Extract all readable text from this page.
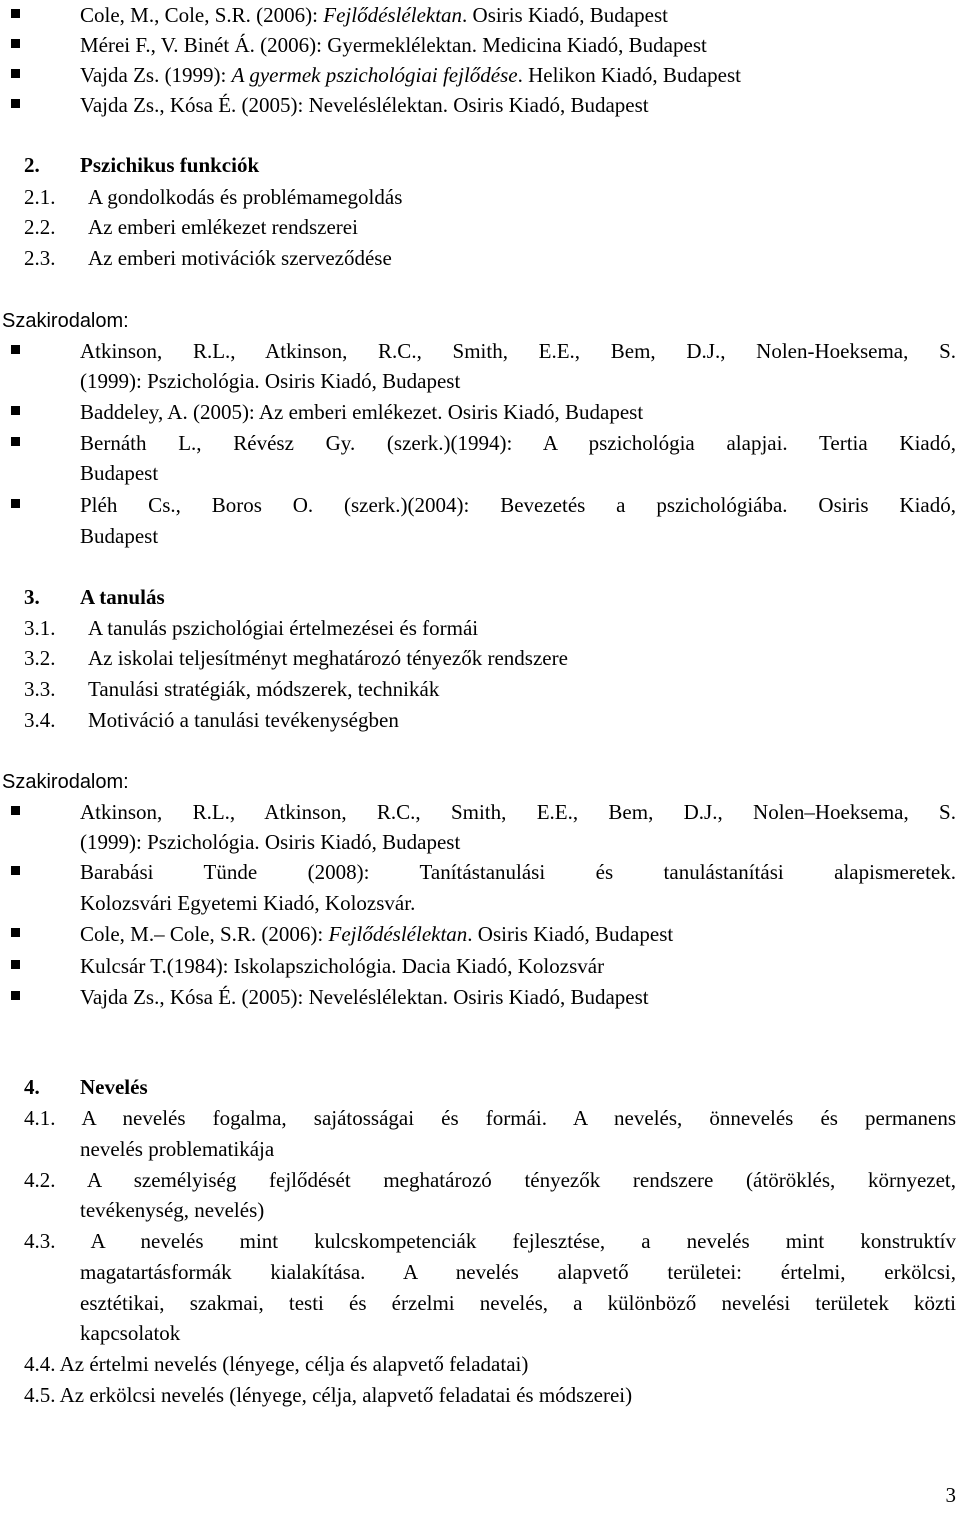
Cole, M., Cole, S.R. (2006): Fejlődéslélektan. Osiris Kiadó, Budapest
Mérei F., V. Binét Á. (2006): Gyermeklélektan. Medicina Kiadó, Budapest
Vajda Zs. (1999): A gyermek pszichológiai fejlődése. Helikon Kiadó, Budapest
Vajda Zs., Kósa É. (2005): Neveléslélektan. Osiris Kiadó, Budapest
2. Pszichikus funkciók
2.1. A gondolkodás és problémamegoldás
2.2. Az emberi emlékezet rendszerei
2.3. Az emberi motivációk szerveződése
Szakirodalom:
Atkinson, R.L., Atkinson, R.C., Smith, E.E., Bem, D.J., Nolen-Hoeksema, S.
(1999): Pszichológia. Osiris Kiadó, Budapest
Baddeley, A. (2005): Az emberi emlékezet. Osiris Kiadó, Budapest
Bernáth L., Révész Gy. (szerk.)(1994): A pszichológia alapjai. Tertia Kiadó,
Budapest
Pléh Cs., Boros O. (szerk.)(2004): Bevezetés a pszichológiába. Osiris Kiadó,
Budapest
3. A tanulás
3.1. A tanulás pszichológiai értelmezései és formái
3.2. Az iskolai teljesítményt meghatározó tényezők rendszere
3.3. Tanulási stratégiák, módszerek, technikák
3.4. Motiváció a tanulási tevékenységben
Szakirodalom:
Atkinson, R.L., Atkinson, R.C., Smith, E.E., Bem, D.J., Nolen–Hoeksema, S.
(1999): Pszichológia. Osiris Kiadó, Budapest
Barabási Tünde (2008): Tanítástanulási és tanulástanítási alapismeretek.
Kolozsvári Egyetemi Kiadó, Kolozsvár.
Cole, M.– Cole, S.R. (2006): Fejlődéslélektan. Osiris Kiadó, Budapest
Kulcsár T.(1984): Iskolapszichológia. Dacia Kiadó, Kolozsvár
Vajda Zs., Kósa É. (2005): Neveléslélektan. Osiris Kiadó, Budapest
4. Nevelés
4.1. A nevelés fogalma, sajátosságai és formái. A nevelés, önnevelés és permanens
nevelés problematikája
4.2. A személyiség fejlődését meghatározó tényezők rendszere (átöröklés, környezet,
tevékenység, nevelés)
4.3. A nevelés mint kulcskompetenciák fejlesztése, a nevelés mint konstruktív
magatartásformák kialakítása. A nevelés alapvető területei: értelmi, erkölcsi,
esztétikai, szakmai, testi és érzelmi nevelés, a különböző nevelési területek közti
kapcsolatok
4.4. Az értelmi nevelés (lényege, célja és alapvető feladatai)
4.5. Az erkölcsi nevelés (lényege, célja, alapvető feladatai és módszerei)
3
